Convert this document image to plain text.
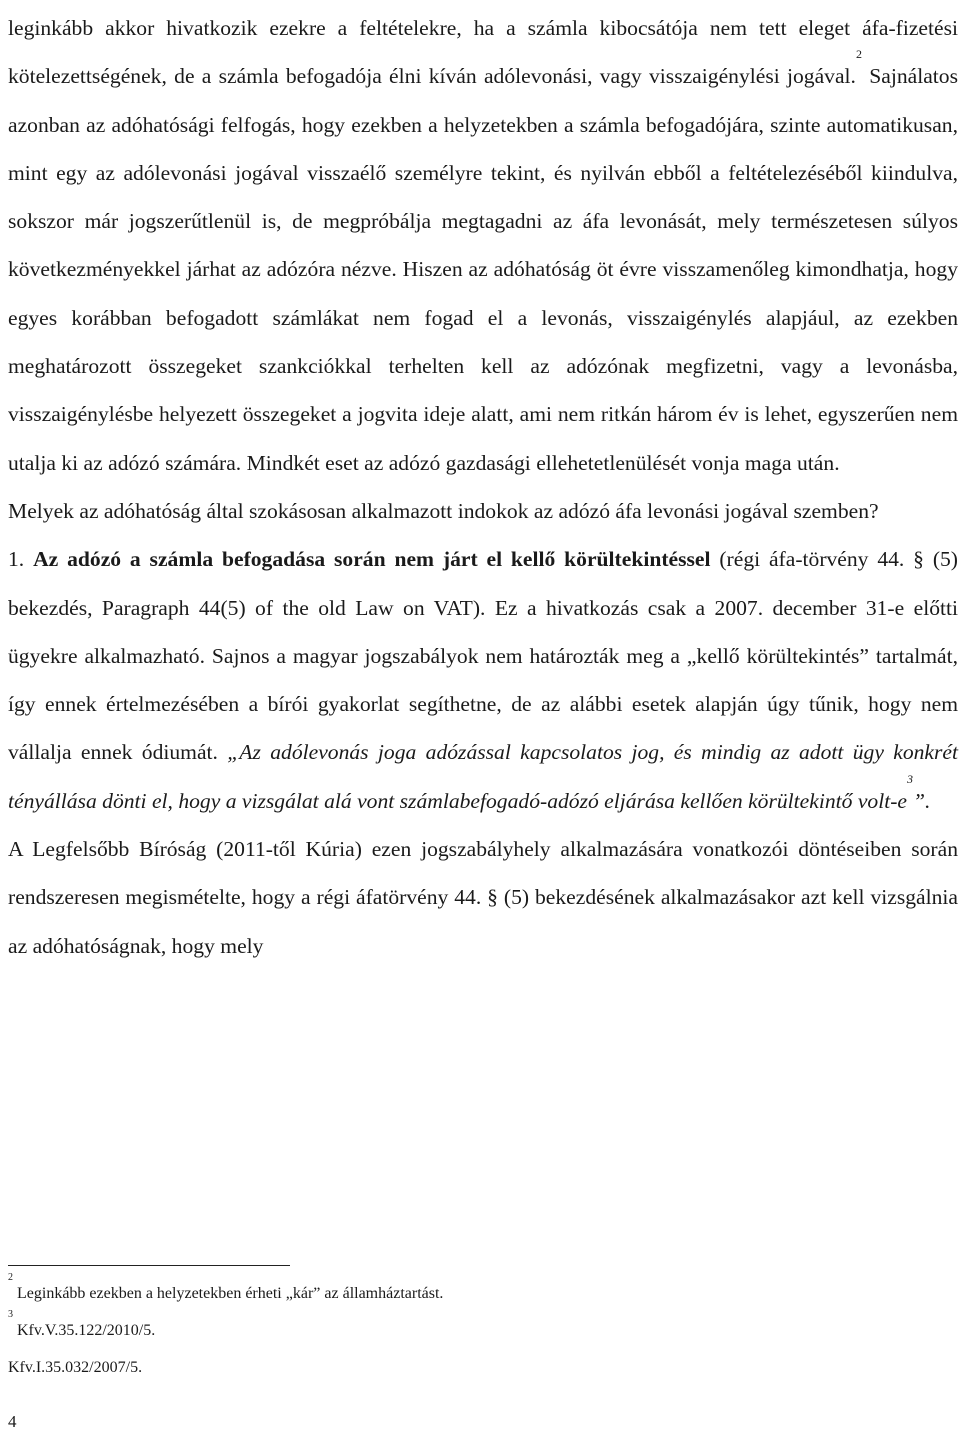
leginkább akkor hivatkozik ezekre a feltételekre, ha a számla kibocsátója nem tett eleget áfa-fizetési kötelezettségének, de a számla befogadója élni kíván adólevonási, vagy visszaigénylési jogával.$^2$ Sajnálatos azonban az adóhatósági felfogás, hogy ezekben a helyzetekben a számla befogadójára, szinte automatikusan, mint egy az adólevonási jogával visszaélő személyre tekint, és nyilván ebből a feltételezéséből kiindulva, sokszor már jogszerűtlenül is, de megpróbálja megtagadni az áfa levonását, mely természetesen súlyos következményekkel járhat az adózóra nézve. Hiszen az adóhatóság öt évre visszamenőleg kimondhatja, hogy egyes korábban befogadott számlákat nem fogad el a levonás, visszaigénylés alapjául, az ezekben meghatározott összegeket szankciókkal terhelten kell az adózónak megfizetni, vagy a levonásba, visszaigénylésbe helyezett összegeket a jogvita ideje alatt, ami nem ritkán három év is lehet, egyszerűen nem utalja ki az adózó számára. Mindkét eset az adózó gazdasági ellehetetlenülését vonja maga után.

Melyek az adóhatóság által szokásosan alkalmazott indokok az adózó áfa levonási jogával szemben?

1. Az adózó a számla befogadása során nem járt el kellő körültekintéssel (régi áfa-törvény 44. § (5) bekezdés, Paragraph 44(5) of the old Law on VAT). Ez a hivatkozás csak a 2007. december 31-e előtti ügyekre alkalmazható. Sajnos a magyar jogszabályok nem határozták meg a „kellő körültekintés” tartalmát, így ennek értelmezésében a bírói gyakorlat segíthetne, de az alábbi esetek alapján úgy tűnik, hogy nem vállalja ennek ódiumát. „Az adólevonás joga adózással kapcsolatos jog, és mindig az adott ügy konkrét tényállása dönti el, hogy a vizsgálat alá vont számlabefogadó-adózó eljárása kellően körültekintő volt-$e^3$”.

A Legfelsőbb Bíróság (2011-től Kúria) ezen jogszabályhely alkalmazására vonatkozói döntéseiben során rendszeresen megismételte, hogy a régi áfatörvény 44. § (5) bekezdésének alkalmazásakor azt kell vizsgálnia az adóhatóságnak, hogy mely

$^2$ Leginkább ezekben a helyzetekben érheti „kár” az államháztartást.

$^3$ Kfv.V.35.122/2010/5.

Kfv.I.35.032/2007/5.

4
